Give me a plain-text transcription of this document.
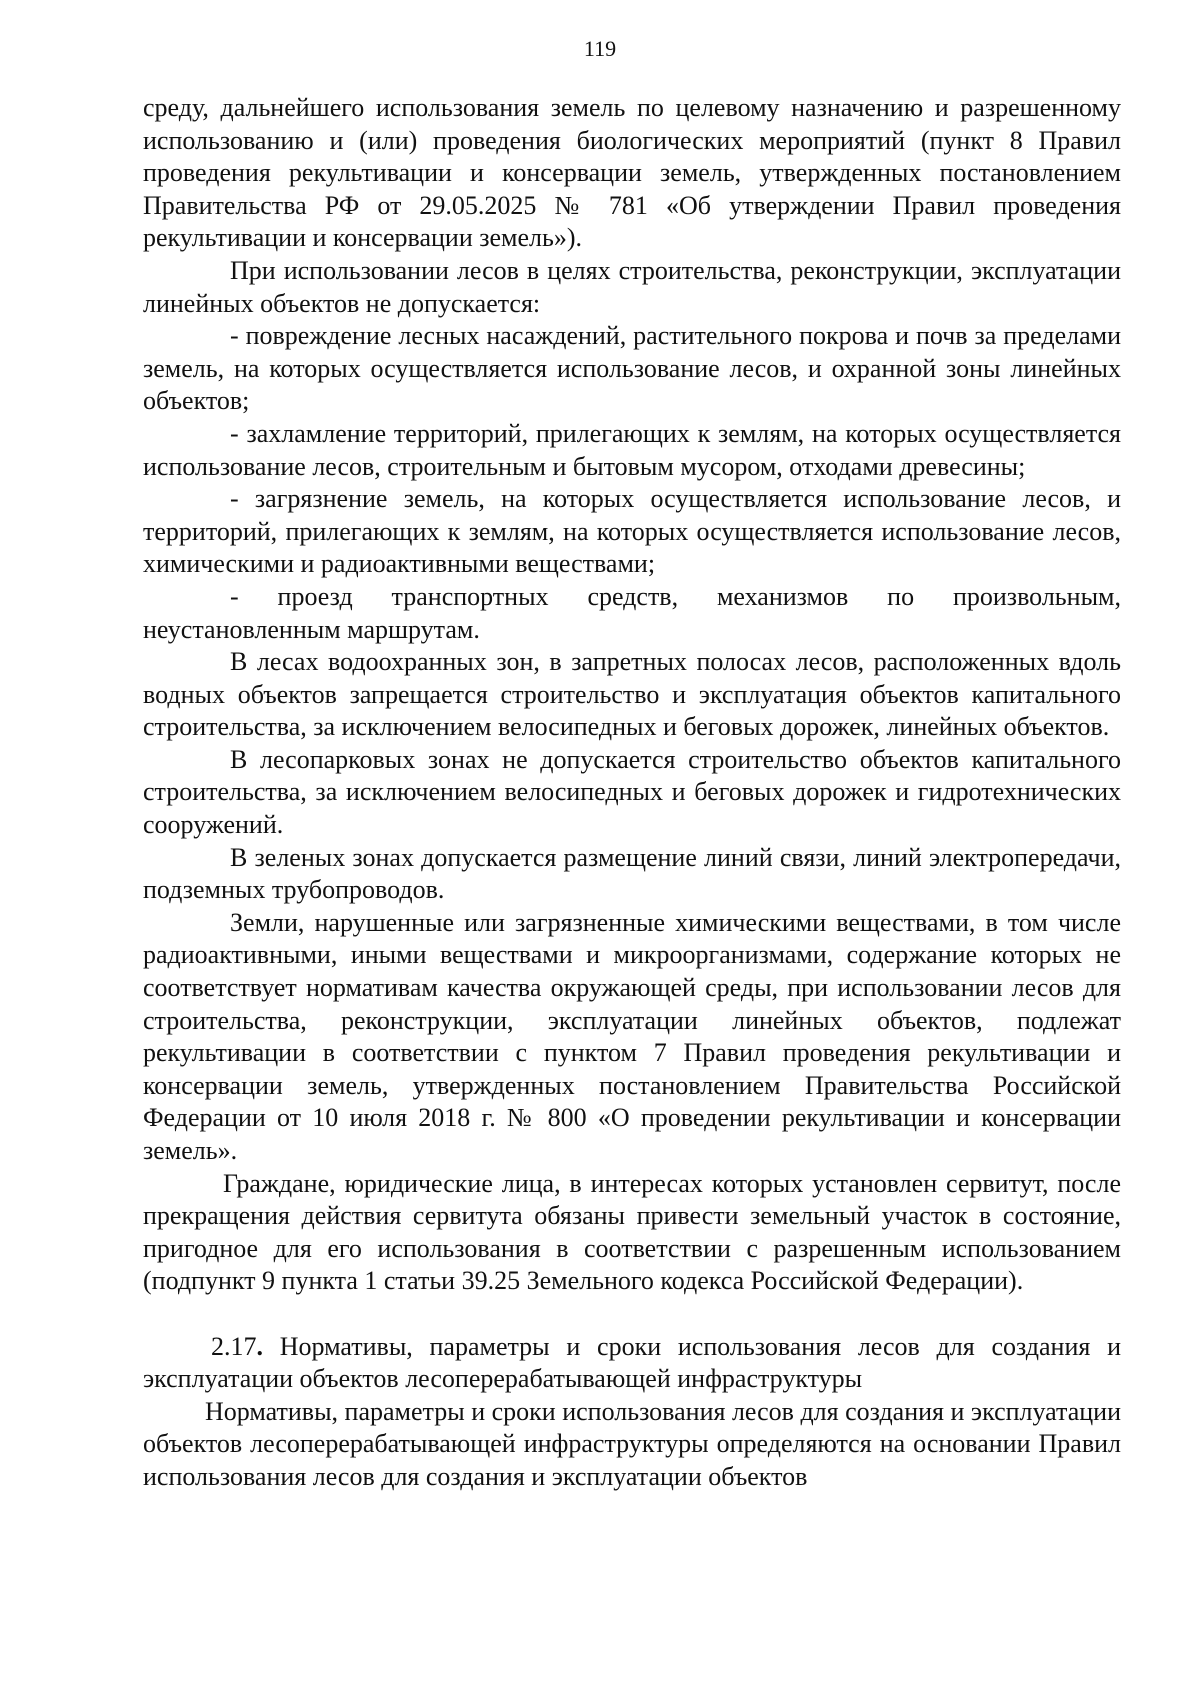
119

среду, дальнейшего использования земель по целевому назначению и разрешенному использованию и (или) проведения биологических мероприятий (пункт 8 Правил проведения рекультивации и консервации земель, утвержденных постановлением Правительства РФ от 29.05.2025 № 781 «Об утверждении Правил проведения рекультивации и консервации земель»).

При использовании лесов в целях строительства, реконструкции, эксплуатации линейных объектов не допускается:

- повреждение лесных насаждений, растительного покрова и почв за пределами земель, на которых осуществляется использование лесов, и охранной зоны линейных объектов;

- захламление территорий, прилегающих к землям, на которых осуществляется использование лесов, строительным и бытовым мусором, отходами древесины;

- загрязнение земель, на которых осуществляется использование лесов, и территорий, прилегающих к землям, на которых осуществляется использование лесов, химическими и радиоактивными веществами;

- проезд транспортных средств, механизмов по произвольным, неустановленным маршрутам.

В лесах водоохранных зон, в запретных полосах лесов, расположенных вдоль водных объектов запрещается строительство и эксплуатация объектов капитального строительства, за исключением велосипедных и беговых дорожек, линейных объектов.

В лесопарковых зонах не допускается строительство объектов капитального строительства, за исключением велосипедных и беговых дорожек и гидротехнических сооружений.

В зеленых зонах допускается размещение линий связи, линий электропередачи, подземных трубопроводов.

Земли, нарушенные или загрязненные химическими веществами, в том числе радиоактивными, иными веществами и микроорганизмами, содержание которых не соответствует нормативам качества окружающей среды, при использовании лесов для строительства, реконструкции, эксплуатации линейных объектов, подлежат рекультивации в соответствии с пунктом 7 Правил проведения рекультивации и консервации земель, утвержденных постановлением Правительства Российской Федерации от 10 июля 2018 г. № 800 «О проведении рекультивации и консервации земель».

Граждане, юридические лица, в интересах которых установлен сервитут, после прекращения действия сервитута обязаны привести земельный участок в состояние, пригодное для его использования в соответствии с разрешенным использованием (подпункт 9 пункта 1 статьи 39.25 Земельного кодекса Российской Федерации).

2.17. Нормативы, параметры и сроки использования лесов для создания и эксплуатации объектов лесоперерабатывающей инфраструктуры

Нормативы, параметры и сроки использования лесов для создания и эксплуатации объектов лесоперерабатывающей инфраструктуры определяются на основании Правил использования лесов для создания и эксплуатации объектов
